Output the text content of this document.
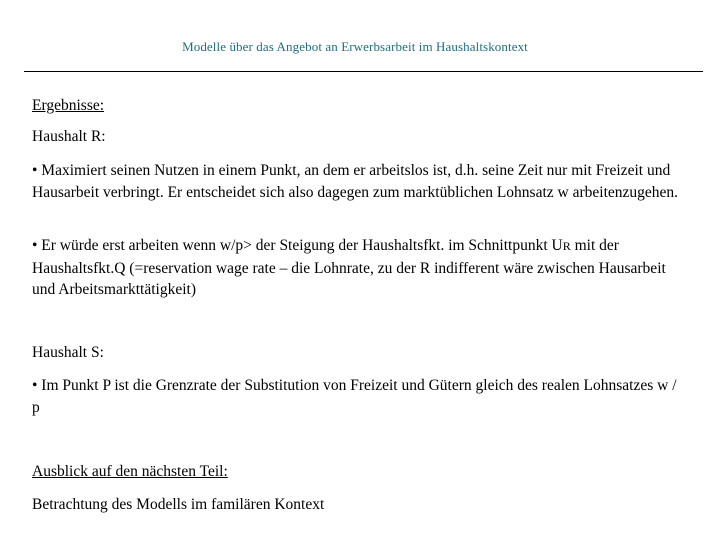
Modelle über das Angebot an Erwerbsarbeit im Haushaltskontext

Ergebnisse:

Haushalt R:

• Maximiert seinen Nutzen in einem Punkt, an dem er arbeitslos ist, d.h. seine Zeit nur mit Freizeit und Hausarbeit verbringt. Er entscheidet sich also dagegen zum marktüblichen Lohnsatz w arbeitenzugehen.

• Er würde erst arbeiten wenn w/p> der Steigung der Haushaltsfkt. im Schnittpunkt UR mit der Haushaltsfkt.Q (=reservation wage rate – die Lohnrate, zu der R indifferent wäre zwischen Hausarbeit und Arbeitsmarkttätigkeit)

Haushalt S:

• Im Punkt P ist die Grenzrate der Substitution von Freizeit und Gütern gleich des realen Lohnsatzes w / p

Ausblick auf den nächsten Teil:

Betrachtung des Modells im familären Kontext
